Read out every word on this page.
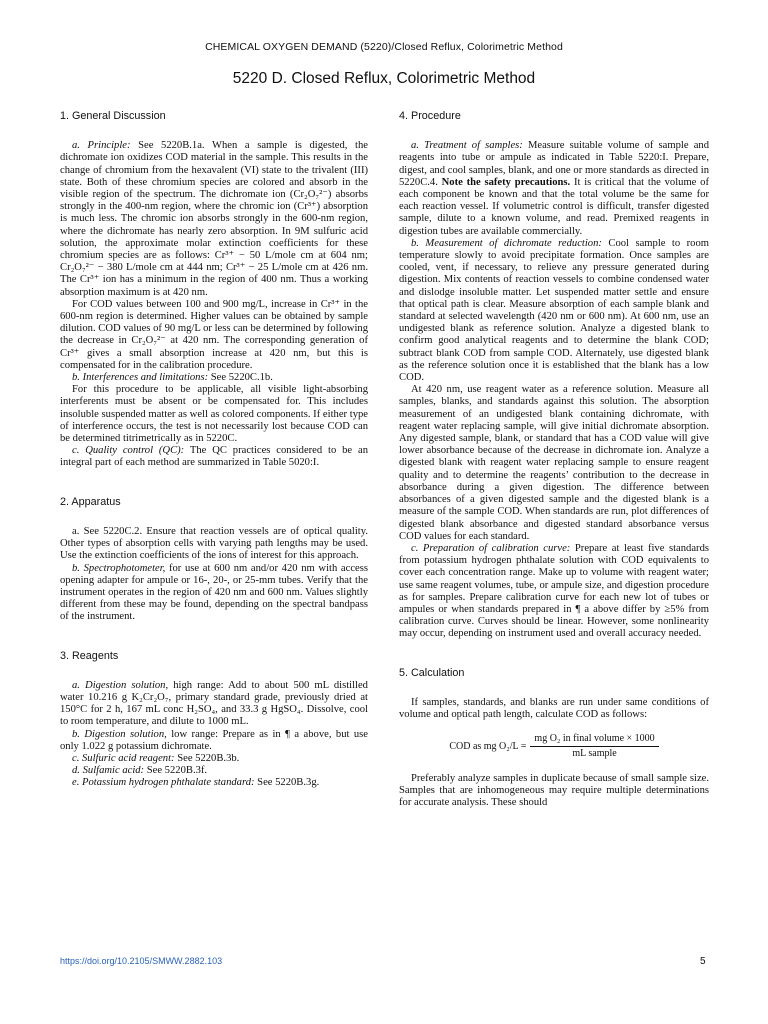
CHEMICAL OXYGEN DEMAND (5220)/Closed Reflux, Colorimetric Method
5220 D. Closed Reflux, Colorimetric Method
1. General Discussion

a. Principle: See 5220B.1a. When a sample is digested, the dichromate ion oxidizes COD material in the sample. This results in the change of chromium from the hexavalent (VI) state to the trivalent (III) state. Both of these chromium species are colored and absorb in the visible region of the spectrum. The dichromate ion (Cr₂O₇²⁻) absorbs strongly in the 400-nm region, where the chromic ion (Cr³⁺) absorption is much less. The chromic ion absorbs strongly in the 600-nm region, where the dichromate has nearly zero absorption. In 9M sulfuric acid solution, the approximate molar extinction coefficients for these chromium species are as follows: Cr³⁺ − 50 L/mole cm at 604 nm; Cr₂O₇²⁻ − 380 L/mole cm at 444 nm; Cr³⁺ − 25 L/mole cm at 426 nm. The Cr³⁺ ion has a minimum in the region of 400 nm. Thus a working absorption maximum is at 420 nm.

For COD values between 100 and 900 mg/L, increase in Cr³⁺ in the 600-nm region is determined. Higher values can be obtained by sample dilution. COD values of 90 mg/L or less can be determined by following the decrease in Cr₂O₇²⁻ at 420 nm. The corresponding generation of Cr³⁺ gives a small absorption increase at 420 nm, but this is compensated for in the calibration procedure.

b. Interferences and limitations: See 5220C.1b.

For this procedure to be applicable, all visible light-absorbing interferents must be absent or be compensated for. This includes insoluble suspended matter as well as colored components. If either type of interference occurs, the test is not necessarily lost because COD can be determined titrimetrically as in 5220C.

c. Quality control (QC): The QC practices considered to be an integral part of each method are summarized in Table 5020:I.

2. Apparatus

a. See 5220C.2. Ensure that reaction vessels are of optical quality. Other types of absorption cells with varying path lengths may be used. Use the extinction coefficients of the ions of interest for this approach.

b. Spectrophotometer, for use at 600 nm and/or 420 nm with access opening adapter for ampule or 16-, 20-, or 25-mm tubes. Verify that the instrument operates in the region of 420 nm and 600 nm. Values slightly different from these may be found, depending on the spectral bandpass of the instrument.

3. Reagents

a. Digestion solution, high range: Add to about 500 mL distilled water 10.216 g K₂Cr₂O₇, primary standard grade, previously dried at 150°C for 2 h, 167 mL conc H₂SO₄, and 33.3 g HgSO₄. Dissolve, cool to room temperature, and dilute to 1000 mL.

b. Digestion solution, low range: Prepare as in ¶ a above, but use only 1.022 g potassium dichromate.

c. Sulfuric acid reagent: See 5220B.3b.

d. Sulfamic acid: See 5220B.3f.

e. Potassium hydrogen phthalate standard: See 5220B.3g.

4. Procedure

a. Treatment of samples: Measure suitable volume of sample and reagents into tube or ampule as indicated in Table 5220:I. Prepare, digest, and cool samples, blank, and one or more standards as directed in 5220C.4. Note the safety precautions. It is critical that the volume of each component be known and that the total volume be the same for each reaction vessel. If volumetric control is difficult, transfer digested sample, dilute to a known volume, and read. Premixed reagents in digestion tubes are available commercially.

b. Measurement of dichromate reduction: Cool sample to room temperature slowly to avoid precipitate formation. Once samples are cooled, vent, if necessary, to relieve any pressure generated during digestion. Mix contents of reaction vessels to combine condensed water and dislodge insoluble matter. Let suspended matter settle and ensure that optical path is clear. Measure absorption of each sample blank and standard at selected wavelength (420 nm or 600 nm). At 600 nm, use an undigested blank as reference solution. Analyze a digested blank to confirm good analytical reagents and to determine the blank COD; subtract blank COD from sample COD. Alternately, use digested blank as the reference solution once it is established that the blank has a low COD.

At 420 nm, use reagent water as a reference solution. Measure all samples, blanks, and standards against this solution. The absorption measurement of an undigested blank containing dichromate, with reagent water replacing sample, will give initial dichromate absorption. Any digested sample, blank, or standard that has a COD value will give lower absorbance because of the decrease in dichromate ion. Analyze a digested blank with reagent water replacing sample to ensure reagent quality and to determine the reagents’ contribution to the decrease in absorbance during a given digestion. The difference between absorbances of a given digested sample and the digested blank is a measure of the sample COD. When standards are run, plot differences of digested blank absorbance and digested standard absorbance versus COD values for each standard.

c. Preparation of calibration curve: Prepare at least five standards from potassium hydrogen phthalate solution with COD equivalents to cover each concentration range. Make up to volume with reagent water; use same reagent volumes, tube, or ampule size, and digestion procedure as for samples. Prepare calibration curve for each new lot of tubes or ampules or when standards prepared in ¶ a above differ by ≥5% from calibration curve. Curves should be linear. However, some nonlinearity may occur, depending on instrument used and overall accuracy needed.

5. Calculation

If samples, standards, and blanks are run under same conditions of volume and optical path length, calculate COD as follows:

COD as mg $O_2/L = \frac{\text{mg O₂ in final volume × 1000}}{\text{mL sample}}$

Preferably analyze samples in duplicate because of small sample size. Samples that are inhomogeneous may require multiple determinations for accurate analysis. These should

https://doi.org/10.2105/SMWW.2882.103	5
